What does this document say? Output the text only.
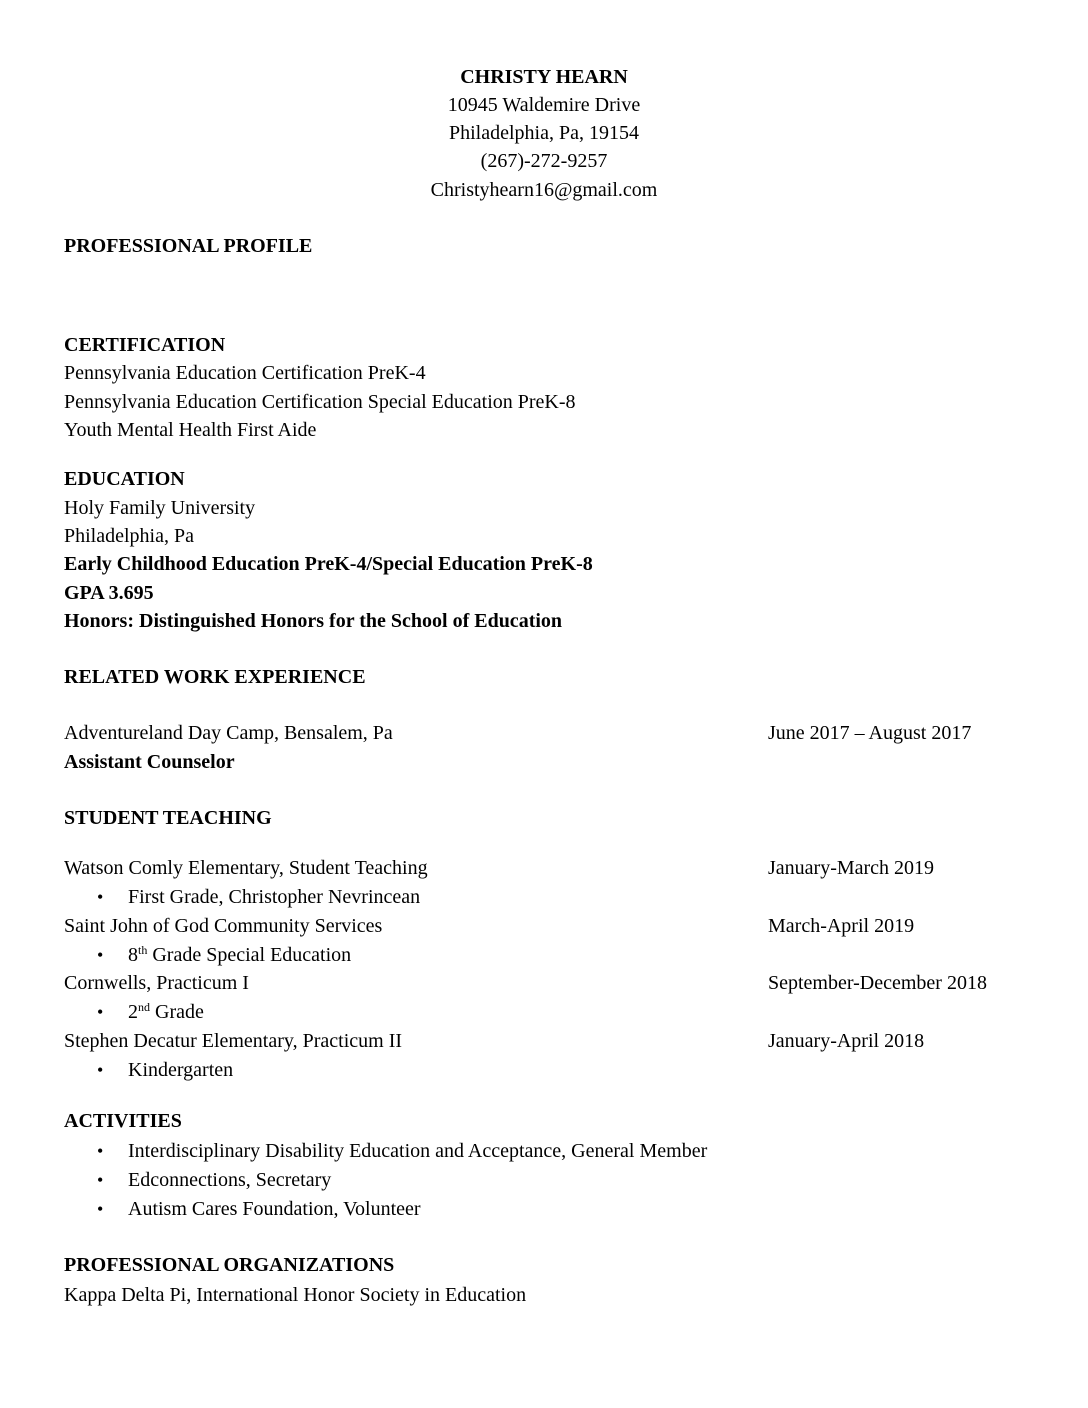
CHRISTY HEARN
10945 Waldemire Drive
Philadelphia, Pa, 19154
(267)-272-9257
Christyhearn16@gmail.com
PROFESSIONAL PROFILE
CERTIFICATION
Pennsylvania Education Certification PreK-4
Pennsylvania Education Certification Special Education PreK-8
Youth Mental Health First Aide
EDUCATION
Holy Family University
Philadelphia, Pa
Early Childhood Education PreK-4/Special Education PreK-8
GPA 3.695
Honors: Distinguished Honors for the School of Education
RELATED WORK EXPERIENCE
Adventureland Day Camp, Bensalem, Pa	June 2017 – August 2017
Assistant Counselor
STUDENT TEACHING
Watson Comly Elementary, Student Teaching	January-March 2019
• First Grade, Christopher Nevrincean
Saint John of God Community Services	March-April 2019
• 8th Grade Special Education
Cornwells, Practicum I	September-December 2018
• 2nd Grade
Stephen Decatur Elementary, Practicum II	January-April 2018
• Kindergarten
ACTIVITIES
• Interdisciplinary Disability Education and Acceptance, General Member
• Edconnections, Secretary
• Autism Cares Foundation, Volunteer
PROFESSIONAL ORGANIZATIONS
Kappa Delta Pi, International Honor Society in Education
